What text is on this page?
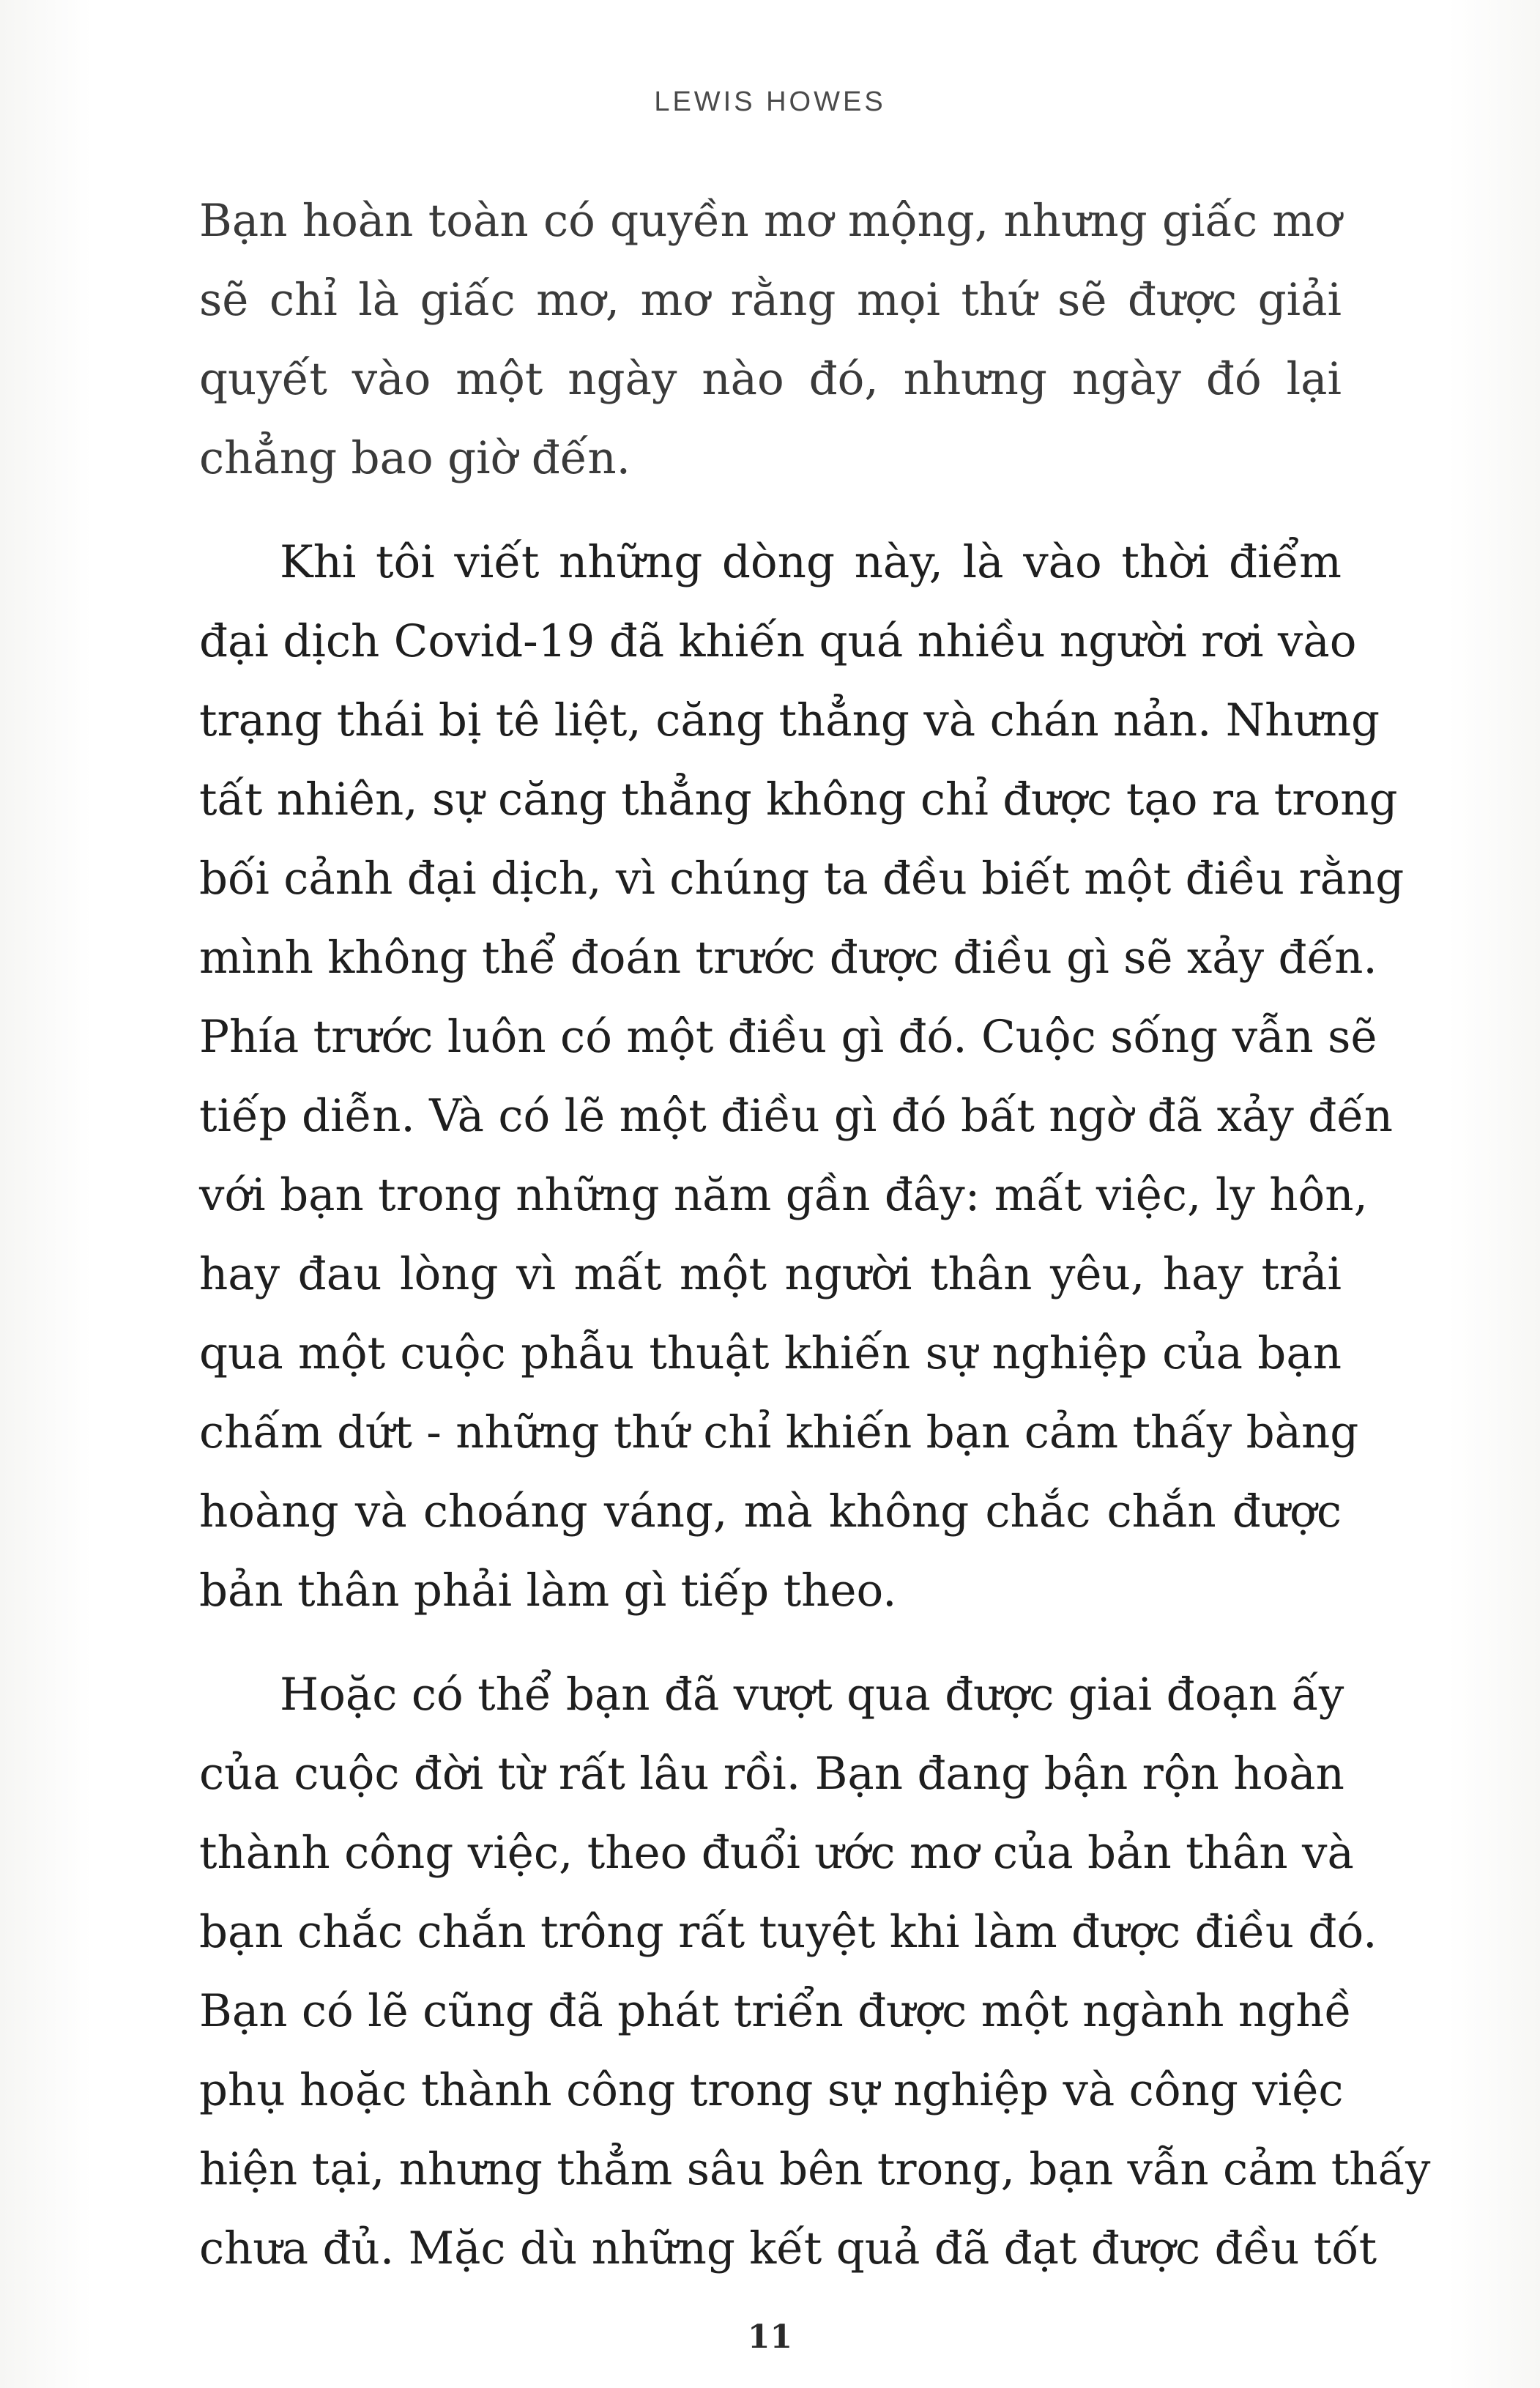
LEWIS HOWES
Bạn hoàn toàn có quyền mơ mộng, nhưng giấc mơ
sẽ chỉ là giấc mơ, mơ rằng mọi thứ sẽ được giải
quyết vào một ngày nào đó, nhưng ngày đó lại
chẳng bao giờ đến.
Khi tôi viết những dòng này, là vào thời điểm
đại dịch Covid-19 đã khiến quá nhiều người rơi vào
trạng thái bị tê liệt, căng thẳng và chán nản. Nhưng
tất nhiên, sự căng thẳng không chỉ được tạo ra trong
bối cảnh đại dịch, vì chúng ta đều biết một điều rằng
mình không thể đoán trước được điều gì sẽ xảy đến.
Phía trước luôn có một điều gì đó. Cuộc sống vẫn sẽ
tiếp diễn. Và có lẽ một điều gì đó bất ngờ đã xảy đến
với bạn trong những năm gần đây: mất việc, ly hôn,
hay đau lòng vì mất một người thân yêu, hay trải
qua một cuộc phẫu thuật khiến sự nghiệp của bạn
chấm dứt - những thứ chỉ khiến bạn cảm thấy bàng
hoàng và choáng váng, mà không chắc chắn được
bản thân phải làm gì tiếp theo.
Hoặc có thể bạn đã vượt qua được giai đoạn ấy
của cuộc đời từ rất lâu rồi. Bạn đang bận rộn hoàn
thành công việc, theo đuổi ước mơ của bản thân và
bạn chắc chắn trông rất tuyệt khi làm được điều đó.
Bạn có lẽ cũng đã phát triển được một ngành nghề
phụ hoặc thành công trong sự nghiệp và công việc
hiện tại, nhưng thẳm sâu bên trong, bạn vẫn cảm thấy
chưa đủ. Mặc dù những kết quả đã đạt được đều tốt
11
